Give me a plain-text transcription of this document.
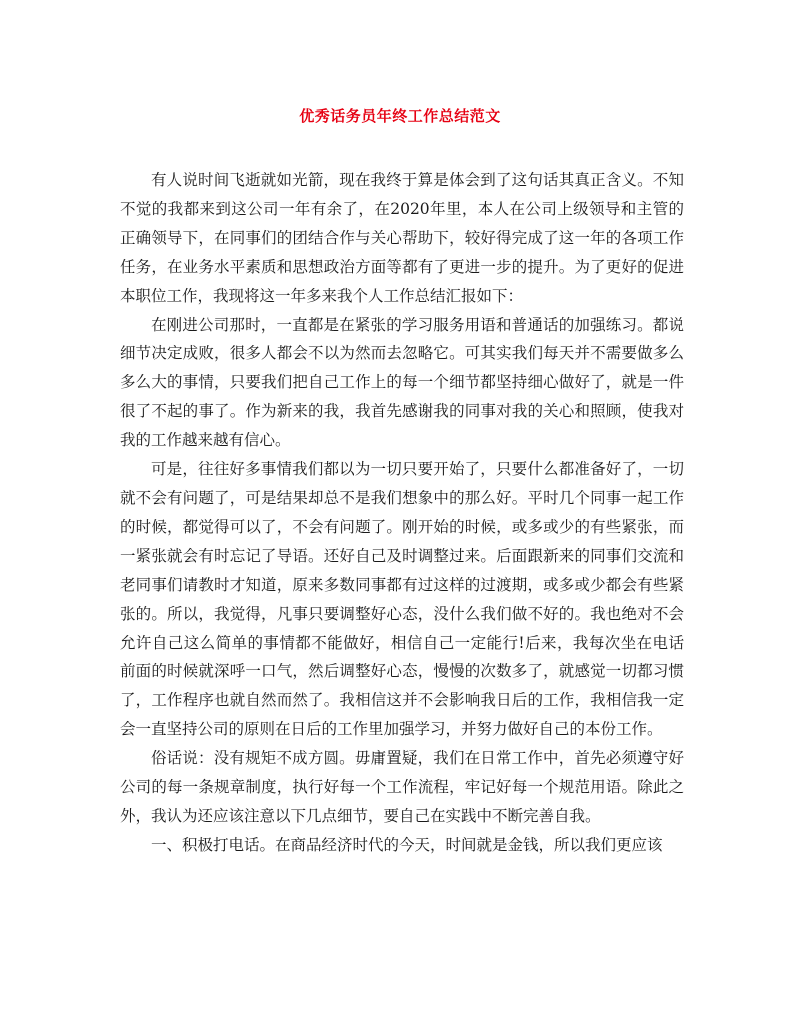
优秀话务员年终工作总结范文

有人说时间飞逝就如光箭，现在我终于算是体会到了这句话其真正含义。不知不觉的我都来到这公司一年有余了，在2020年里，本人在公司上级领导和主管的正确领导下，在同事们的团结合作与关心帮助下，较好得完成了这一年的各项工作任务，在业务水平素质和思想政治方面等都有了更进一步的提升。为了更好的促进本职位工作，我现将这一年多来我个人工作总结汇报如下：

在刚进公司那时，一直都是在紧张的学习服务用语和普通话的加强练习。都说细节决定成败，很多人都会不以为然而去忽略它。可其实我们每天并不需要做多么多么大的事情，只要我们把自己工作上的每一个细节都坚持细心做好了，就是一件很了不起的事了。作为新来的我，我首先感谢我的同事对我的关心和照顾，使我对我的工作越来越有信心。

可是，往往好多事情我们都以为一切只要开始了，只要什么都准备好了，一切就不会有问题了，可是结果却总不是我们想象中的那么好。平时几个同事一起工作的时候，都觉得可以了，不会有问题了。刚开始的时候，或多或少的有些紧张，而一紧张就会有时忘记了导语。还好自己及时调整过来。后面跟新来的同事们交流和老同事们请教时才知道，原来多数同事都有过这样的过渡期，或多或少都会有些紧张的。所以，我觉得，凡事只要调整好心态，没什么我们做不好的。我也绝对不会允许自己这么简单的事情都不能做好，相信自己一定能行!后来，我每次坐在电话前面的时候就深呼一口气，然后调整好心态，慢慢的次数多了，就感觉一切都习惯了，工作程序也就自然而然了。我相信这并不会影响我日后的工作，我相信我一定会一直坚持公司的原则在日后的工作里加强学习，并努力做好自己的本份工作。

俗话说：没有规矩不成方圆。毋庸置疑，我们在日常工作中，首先必须遵守好公司的每一条规章制度，执行好每一个工作流程，牢记好每一个规范用语。除此之外，我认为还应该注意以下几点细节，要自己在实践中不断完善自我。

一、积极打电话。在商品经济时代的今天，时间就是金钱，所以我们更应该
